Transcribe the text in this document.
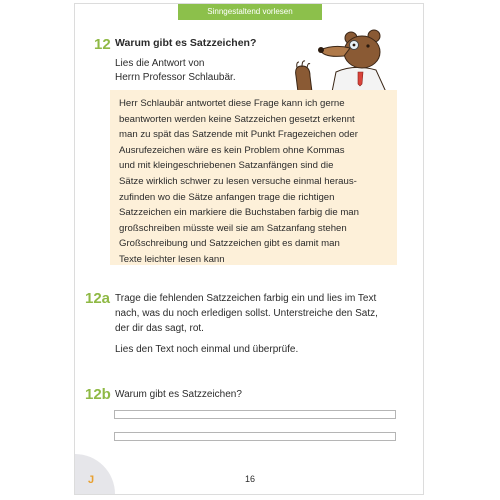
Sinngestaltend vorlesen
12 Warum gibt es Satzzeichen?
Lies die Antwort von
Herrn Professor Schlaubär.
Herr Schlaubär antwortet diese Frage kann ich gerne
beantworten werden keine Satzzeichen gesetzt erkennt
man zu spät das Satzende mit Punkt Fragezeichen oder
Ausrufezeichen wäre es kein Problem ohne Kommas
und mit kleingeschriebenen Satzanfängen sind die
Sätze wirklich schwer zu lesen versuche einmal heraus-
zufinden wo die Sätze anfangen trage die richtigen
Satzzeichen ein markiere die Buchstaben farbig die man
großschreiben müsste weil sie am Satzanfang stehen
Großschreibung und Satzzeichen gibt es damit man
Texte leichter lesen kann
12a Trage die fehlenden Satzzeichen farbig ein und lies im Text
nach, was du noch erledigen sollst. Unterstreiche den Satz,
der dir das sagt, rot.
Lies den Text noch einmal und überprüfe.
12b Warum gibt es Satzzeichen?
J	16
